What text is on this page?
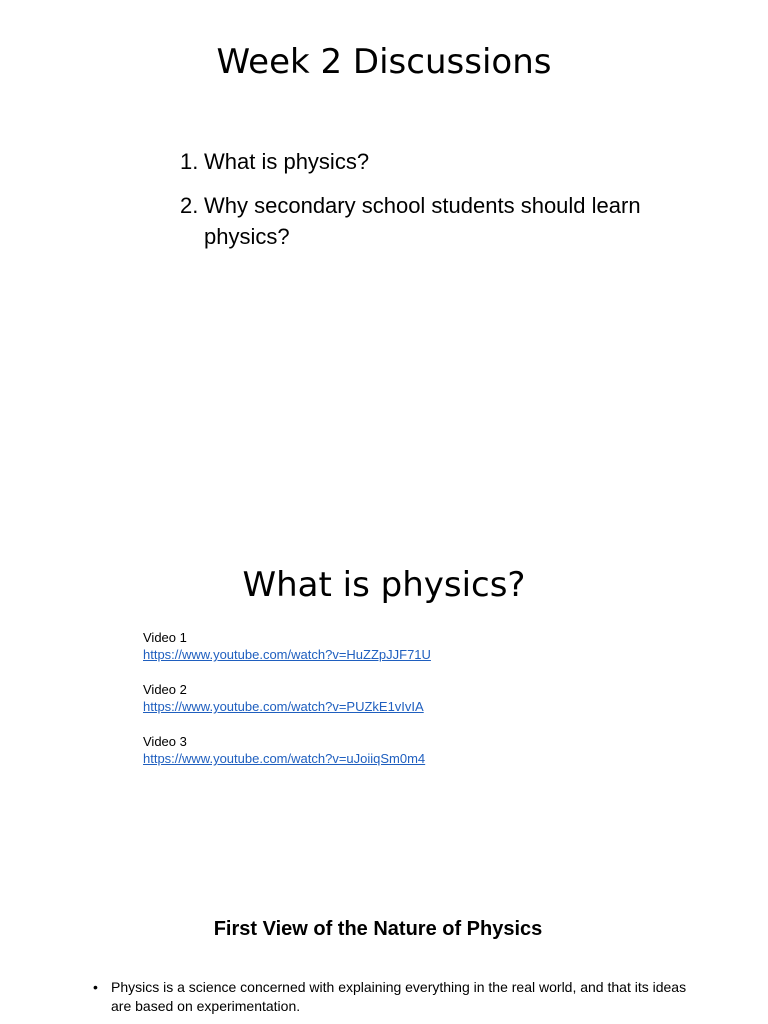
Week 2 Discussions
1. What is physics?
2. Why secondary school students should learn physics?
What is physics?
Video 1
https://www.youtube.com/watch?v=HuZZpJJF71U
Video 2
https://www.youtube.com/watch?v=PUZkE1vIvIA
Video 3
https://www.youtube.com/watch?v=uJoiiqSm0m4
First View of the Nature of Physics
• Physics is a science concerned with explaining everything in the real world, and that its ideas are based on experimentation.
